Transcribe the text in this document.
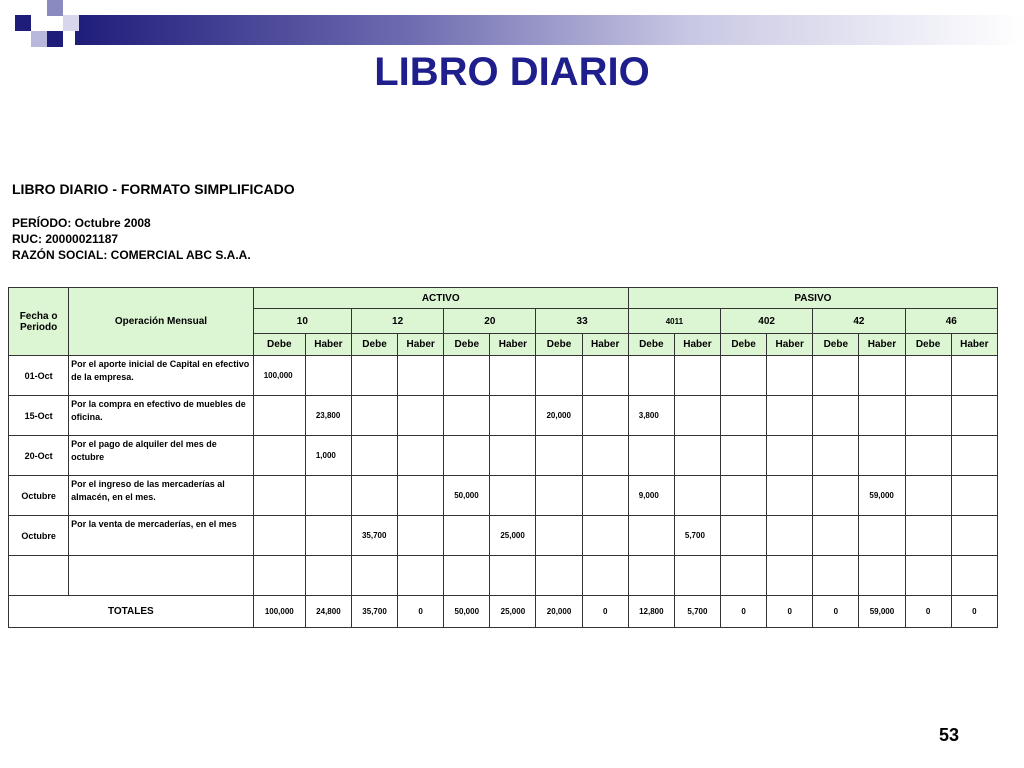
LIBRO DIARIO
LIBRO DIARIO - FORMATO SIMPLIFICADO
PERÍODO: Octubre 2008
RUC: 20000021187
RAZÓN SOCIAL: COMERCIAL ABC S.A.A.
Fecha o Periodo	Operación Mensual	ACTIVO								PASIVO							
		10		12		20		33		4011		402		42		46	
		Debe	Haber	Debe	Haber	Debe	Haber	Debe	Haber	Debe	Haber	Debe	Haber	Debe	Haber	Debe	Haber
01-Oct	Por el aporte inicial de Capital en efectivo de la empresa.	100,000															
15-Oct	Por la compra en efectivo de muebles de oficina.		23,800					20,000		3,800							
20-Oct	Por el pago de alquiler del mes de octubre		1,000														
Octubre	Por el ingreso de las mercaderías al almacén, en el mes.					50,000				9,000					59,000		
Octubre	Por la venta de mercaderías, en el mes			35,700			25,000				5,700						

TOTALES		100,000	24,800	35,700	0	50,000	25,000	20,000	0	12,800	5,700	0	0	0	59,000	0	0
53
